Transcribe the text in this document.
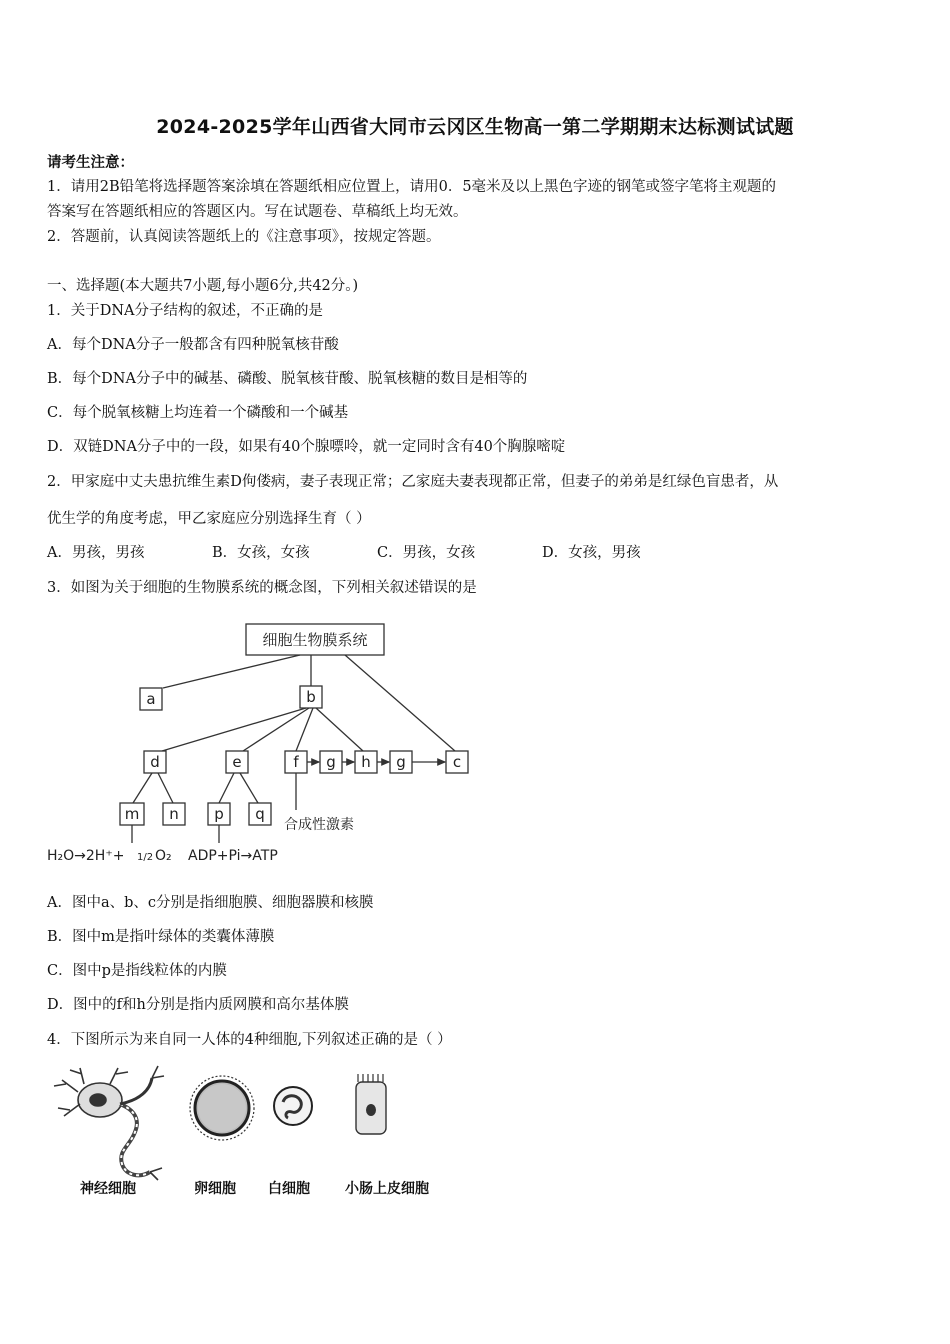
2024-2025学年山西省大同市云冈区生物高一第二学期期末达标测试试题
请考生注意：
1．请用2B铅笔将选择题答案涂填在答题纸相应位置上，请用0．5毫米及以上黑色字迹的钢笔或签字笔将主观题的
答案写在答题纸相应的答题区内。写在试题卷、草稿纸上均无效。
2．答题前，认真阅读答题纸上的《注意事项》，按规定答题。
一、选择题(本大题共7小题,每小题6分,共42分。)
1．关于DNA分子结构的叙述，不正确的是
A．每个DNA分子一般都含有四种脱氧核苷酸
B．每个DNA分子中的碱基、磷酸、脱氧核苷酸、脱氧核糖的数目是相等的
C．每个脱氧核糖上均连着一个磷酸和一个碱基
D．双链DNA分子中的一段，如果有40个腺嘌呤，就一定同时含有40个胸腺嘧啶
2．甲家庭中丈夫患抗维生素D佝偻病，妻子表现正常；乙家庭夫妻表现都正常，但妻子的弟弟是红绿色盲患者，从
优生学的角度考虑，甲乙家庭应分别选择生育（ ）
A．男孩，男孩	B．女孩，女孩	C．男孩，女孩	D．女孩，男孩
3．如图为关于细胞的生物膜系统的概念图，下列相关叙述错误的是
细胞生物膜系统
a	b
c
d	e	f g h g
m n p q
合成性激素
H₂O→2H⁺+ 1/2 O₂ ADP+Pi→ATP
A．图中a、b、c分别是指细胞膜、细胞器膜和核膜
B．图中m是指叶绿体的类囊体薄膜
C．图中p是指线粒体的内膜
D．图中的f和h分别是指内质网膜和高尔基体膜
4．下图所示为来自同一人体的4种细胞,下列叙述正确的是（ ）
神经细胞	卵细胞 白细胞	小肠上皮细胞
